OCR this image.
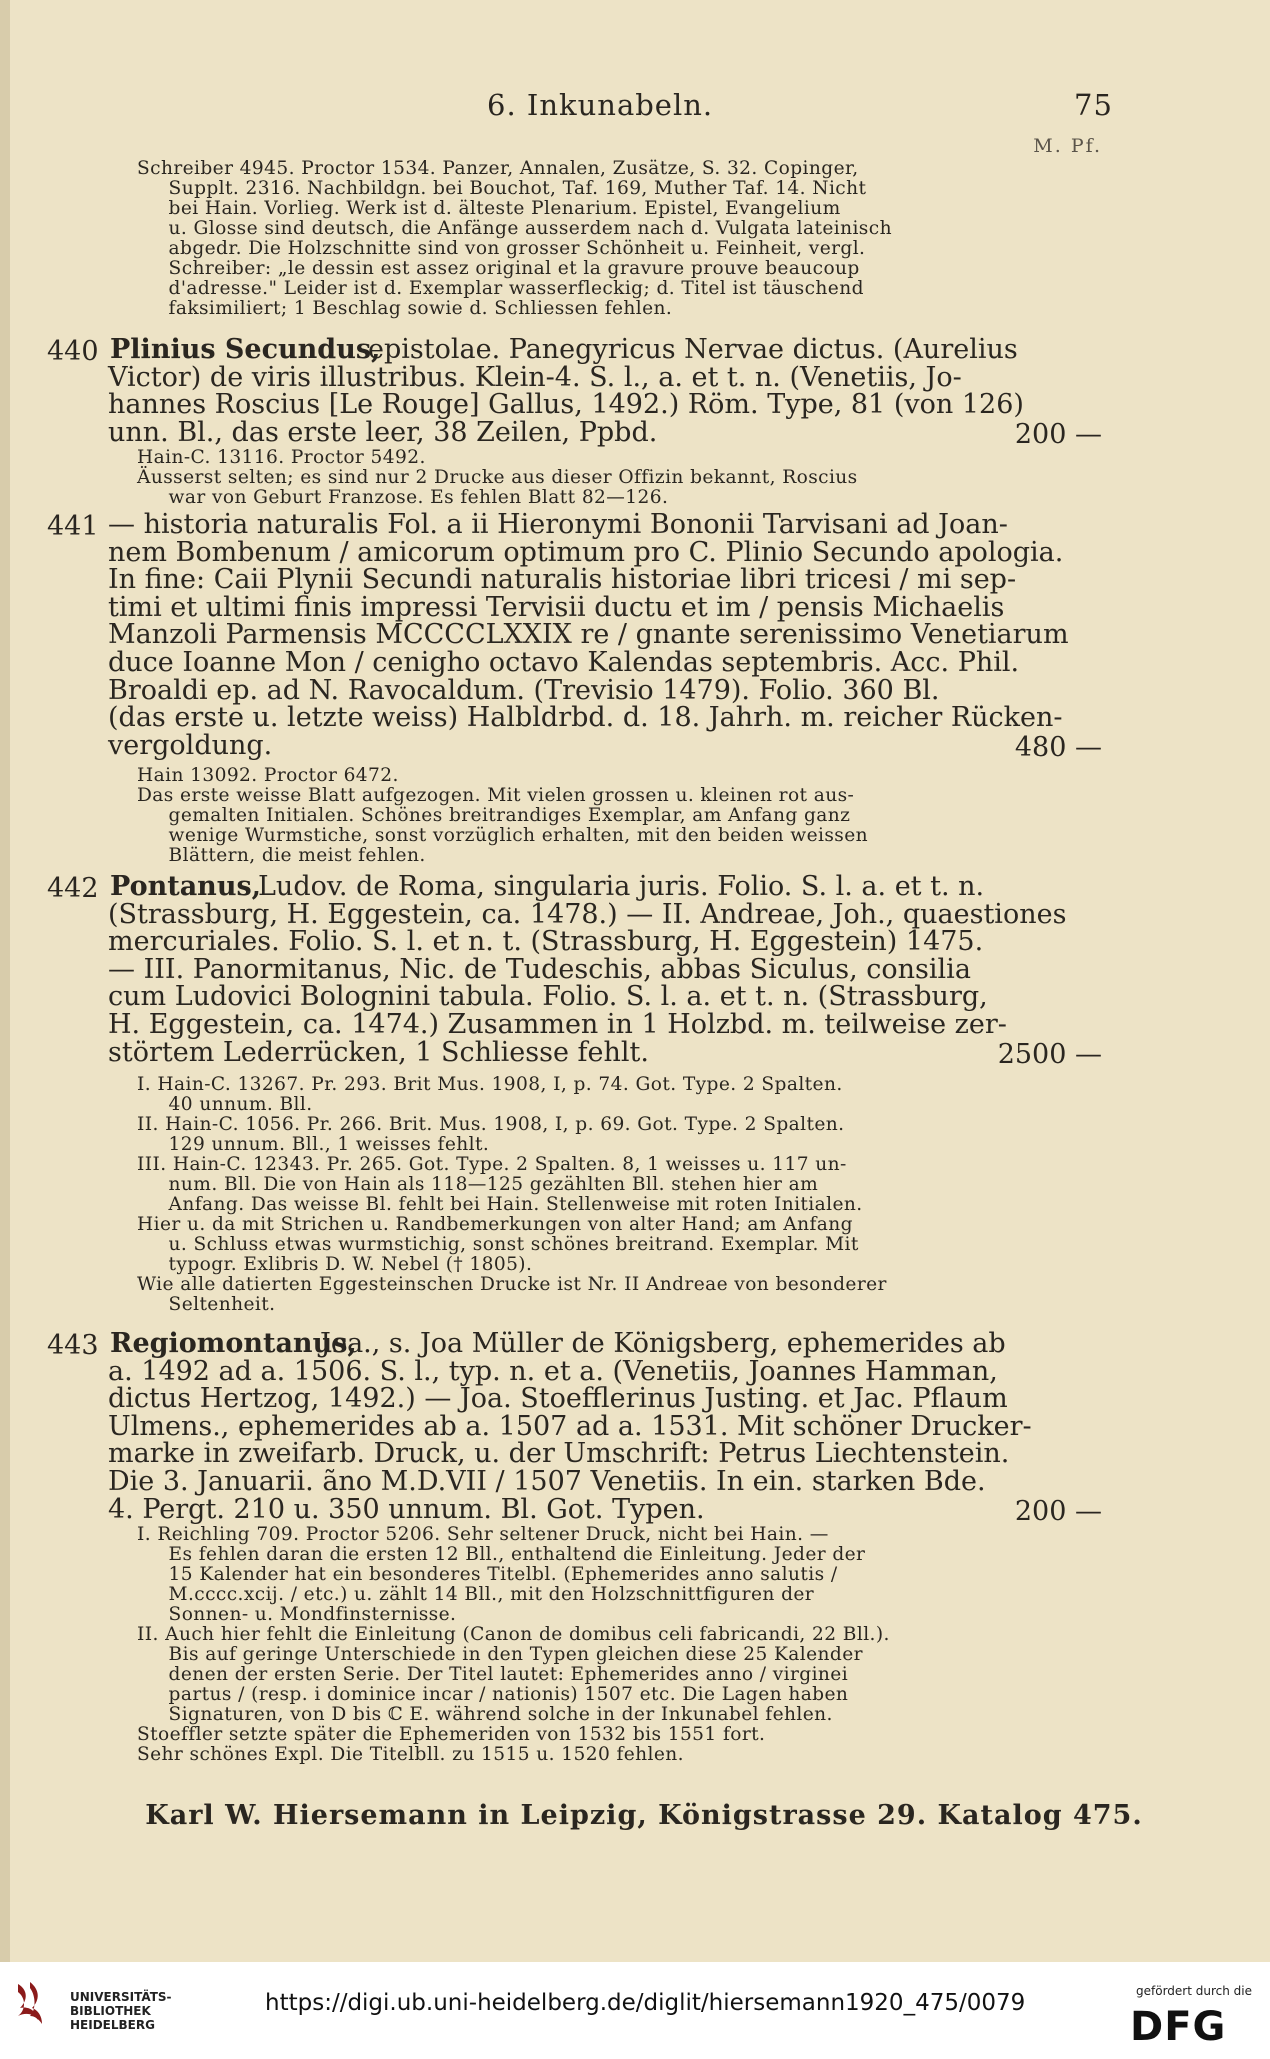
6. Inkunabeln.	75
M. Pf.
Schreiber 4945. Proctor 1534. Panzer, Annalen, Zusätze, S. 32. Copinger,
Supplt. 2316. Nachbildgn. bei Bouchot, Taf. 169, Muther Taf. 14. Nicht
bei Hain. Vorlieg. Werk ist d. älteste Plenarium. Epistel, Evangelium
u. Glosse sind deutsch, die Anfänge ausserdem nach d. Vulgata lateinisch
abgedr. Die Holzschnitte sind von grosser Schönheit u. Feinheit, vergl.
Schreiber: „le dessin est assez original et la gravure prouve beaucoup
d'adresse." Leider ist d. Exemplar wasserfleckig; d. Titel ist täuschend
faksimiliert; 1 Beschlag sowie d. Schliessen fehlen.
440 Plinius Secundus,
epistolae. Panegyricus Nervae dictus. (Aurelius
Victor) de viris illustribus. Klein-4. S. l., a. et t. n. (Venetiis, Jo-
hannes Roscius [Le Rouge] Gallus, 1492.) Röm. Type, 81 (von 126)
unn. Bl., das erste leer, 38 Zeilen, Ppbd.	200 —
Hain-C. 13116. Proctor 5492.
Äusserst selten; es sind nur 2 Drucke aus dieser Offizin bekannt, Roscius
war von Geburt Franzose. Es fehlen Blatt 82—126.
441 — historia naturalis Fol. a ii Hieronymi Bononii Tarvisani ad Joan-
nem Bombenum / amicorum optimum pro C. Plinio Secundo apologia.
In fine: Caii Plynii Secundi naturalis historiae libri tricesi / mi sep-
timi et ultimi finis impressi Tervisii ductu et im / pensis Michaelis
Manzoli Parmensis MCCCCLXXIX re / gnante serenissimo Venetiarum
duce Ioanne Mon / cenigho octavo Kalendas septembris. Acc. Phil.
Broaldi ep. ad N. Ravocaldum. (Trevisio 1479). Folio. 360 Bl.
(das erste u. letzte weiss) Halbldrbd. d. 18. Jahrh. m. reicher Rücken-
vergoldung.	480 —
Hain 13092. Proctor 6472.
Das erste weisse Blatt aufgezogen. Mit vielen grossen u. kleinen rot aus-
gemalten Initialen. Schönes breitrandiges Exemplar, am Anfang ganz
wenige Wurmstiche, sonst vorzüglich erhalten, mit den beiden weissen
Blättern, die meist fehlen.
442 Pontanus,
Ludov. de Roma, singularia juris. Folio. S. l. a. et t. n.
(Strassburg, H. Eggestein, ca. 1478.) — II. Andreae, Joh., quaestiones
mercuriales. Folio. S. l. et n. t. (Strassburg, H. Eggestein) 1475.
— III. Panormitanus, Nic. de Tudeschis, abbas Siculus, consilia
cum Ludovici Bolognini tabula. Folio. S. l. a. et t. n. (Strassburg,
H. Eggestein, ca. 1474.) Zusammen in 1 Holzbd. m. teilweise zer-
störtem Lederrücken, 1 Schliesse fehlt.	2500 —
I. Hain-C. 13267. Pr. 293. Brit Mus. 1908, I, p. 74. Got. Type. 2 Spalten.
40 unnum. Bll.
II. Hain-C. 1056. Pr. 266. Brit. Mus. 1908, I, p. 69. Got. Type. 2 Spalten.
129 unnum. Bll., 1 weisses fehlt.
III. Hain-C. 12343. Pr. 265. Got. Type. 2 Spalten. 8, 1 weisses u. 117 un-
num. Bll. Die von Hain als 118—125 gezählten Bll. stehen hier am
Anfang. Das weisse Bl. fehlt bei Hain. Stellenweise mit roten Initialen.
Hier u. da mit Strichen u. Randbemerkungen von alter Hand; am Anfang
u. Schluss etwas wurmstichig, sonst schönes breitrand. Exemplar. Mit
typogr. Exlibris D. W. Nebel († 1805).
Wie alle datierten Eggesteinschen Drucke ist Nr. II Andreae von besonderer
Seltenheit.
443 Regiomontanus,
Joa., s. Joa Müller de Königsberg, ephemerides ab
a. 1492 ad a. 1506. S. l., typ. n. et a. (Venetiis, Joannes Hamman,
dictus Hertzog, 1492.) — Joa. Stoefflerinus Justing. et Jac. Pflaum
Ulmens., ephemerides ab a. 1507 ad a. 1531. Mit schöner Drucker-
marke in zweifarb. Druck, u. der Umschrift: Petrus Liechtenstein.
Die 3. Januarii. ãno M.D.VII / 1507 Venetiis. In ein. starken Bde.
4. Pergt. 210 u. 350 unnum. Bl. Got. Typen.	200 —
I. Reichling 709. Proctor 5206. Sehr seltener Druck, nicht bei Hain. —
Es fehlen daran die ersten 12 Bll., enthaltend die Einleitung. Jeder der
15 Kalender hat ein besonderes Titelbl. (Ephemerides anno salutis /
M.cccc.xcij. / etc.) u. zählt 14 Bll., mit den Holzschnittfiguren der
Sonnen- u. Mondfinsternisse.
II. Auch hier fehlt die Einleitung (Canon de domibus celi fabricandi, 22 Bll.).
Bis auf geringe Unterschiede in den Typen gleichen diese 25 Kalender
denen der ersten Serie. Der Titel lautet: Ephemerides anno / virginei
partus / (resp. i dominice incar / nationis) 1507 etc. Die Lagen haben
Signaturen, von D bis ℂ E. während solche in der Inkunabel fehlen.
Stoeffler setzte später die Ephemeriden von 1532 bis 1551 fort.
Sehr schönes Expl. Die Titelbll. zu 1515 u. 1520 fehlen.
Karl W. Hiersemann in Leipzig, Königstrasse 29. Katalog 475.
UNIVERSITÄTS-
BIBLIOTHEK
HEIDELBERG
https://digi.ub.uni-heidelberg.de/diglit/hiersemann1920_475/0079	gefördert durch die
DFG
